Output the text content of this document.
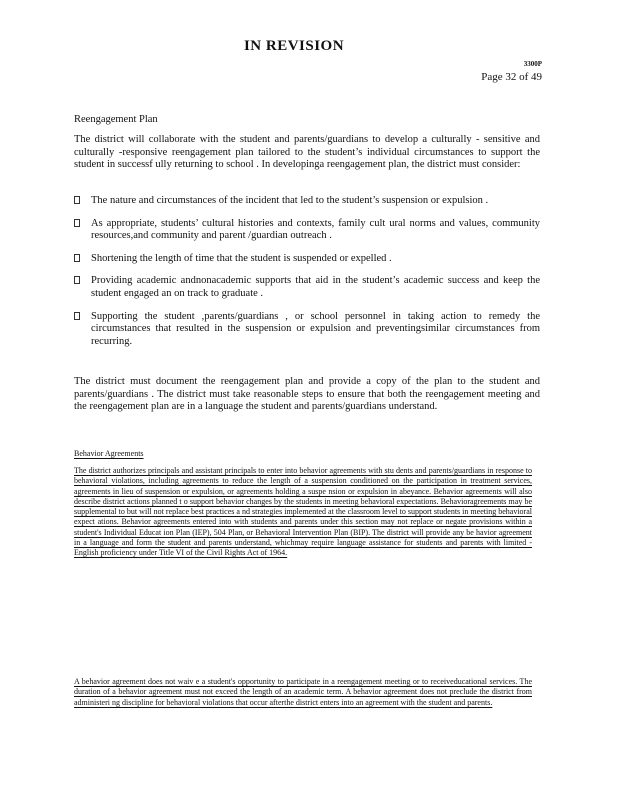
IN REVISION
3300P
Page 32 of 49
Reengagement Plan
The district will collaborate with the student and parents/guardians to develop a culturally - sensitive and culturally -responsive reengagement plan tailored to the student’s individual circumstances to support the student in successf ully returning to school . In developinga reengagement plan, the district must consider:
The nature and circumstances of the incident that led to the student’s suspension or expulsion .
As appropriate, students’ cultural histories and contexts, family cult ural norms and values, community resources,and community and parent /guardian outreach .
Shortening the length of time that the student is suspended or expelled .
Providing academic andnonacademic supports that aid in the student’s academic success and keep the student engaged an on track to graduate .
Supporting the student ,parents/guardians , or school personnel in taking action to remedy the circumstances that resulted in the suspension or expulsion and preventingsimilar circumstances from recurring.
The district must document the reengagement plan and provide a copy of the plan to the student and parents/guardians . The district must take reasonable steps to ensure that both the reengagement meeting and the reengagement plan are in a language the student and parents/guardians understand.
Behavior Agreements
The district authorizes principals and assistant principals to enter into behavior agreements with stu dents and parents/guardians in response to behavioral violations, including agreements to reduce the length of a suspension conditioned on the participation in treatment services, agreements in lieu of suspension or expulsion, or agreements holding a suspe nsion or expulsion in abeyance. Behavior agreements will also describe district actions planned t o support behavior changes by the students in meeting behavioral expectations. Behavioragreements may be supplemental to but will not replace best practices a nd strategies implemented at the classroom level to support students in meeting behavioral expect ations. Behavior agreements entered into with students and parents under this section may not replace or negate provisions within a student's Individual Educat ion Plan (IEP), 504 Plan, or Behavioral Intervention Plan (BIP). The district will provide any be havior agreement in a language and form the student and parents understand, whichmay require language assistance for students and parents with limited - English proficiency under Title VI of the Civil Rights Act of 1964.
A behavior agreement does not waiv e a student's opportunity to participate in a reengagement meeting or to receiveducational services. The duration of a behavior agreement must not exceed the length of an academic term. A behavior agreement does not preclude the district from administeri ng discipline for behavioral violations that occur afterthe district enters into an agreement with the student and parents.
